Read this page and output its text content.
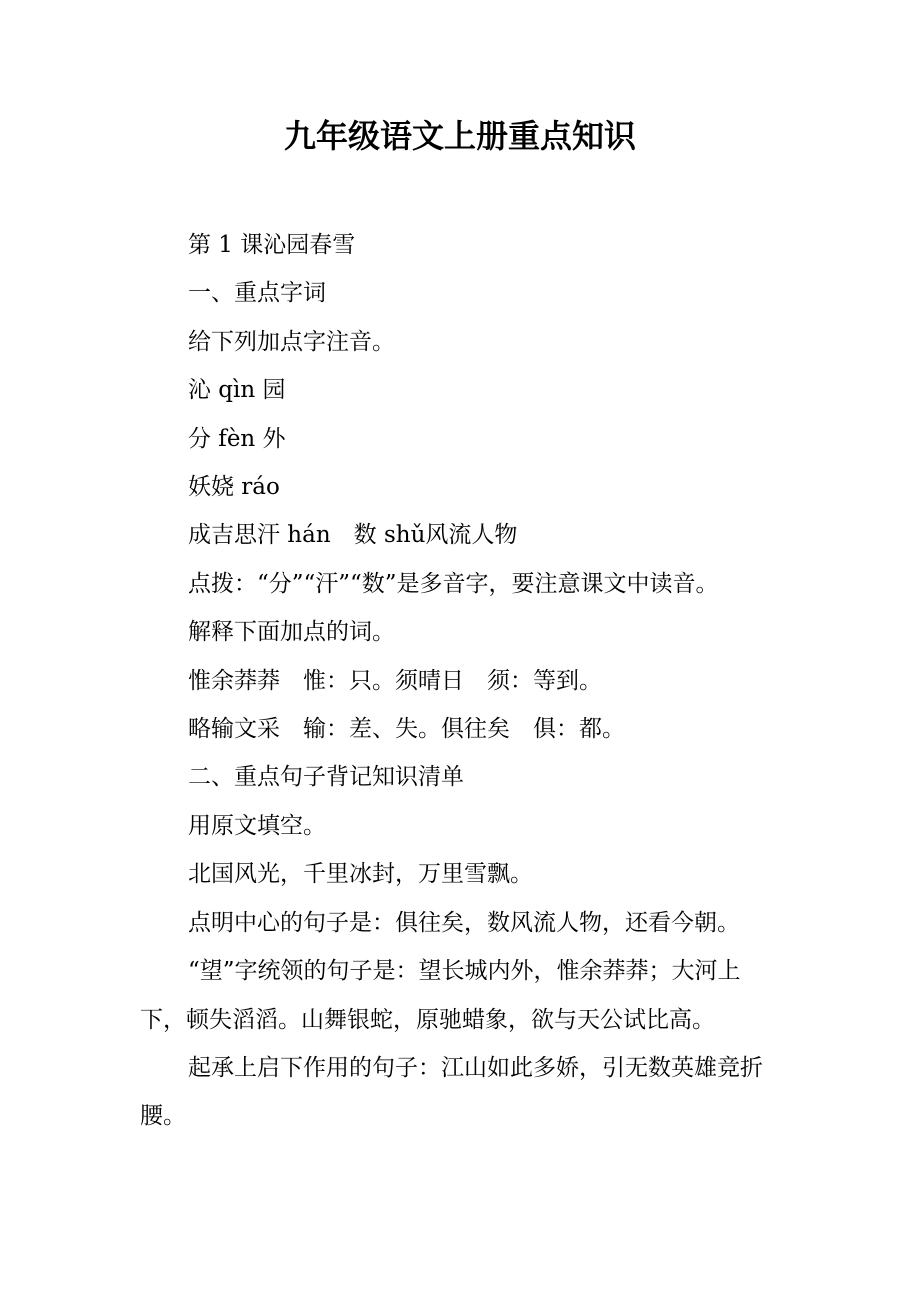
九年级语文上册重点知识

第 1 课沁园春雪

一、重点字词

给下列加点字注音。

沁 qìn 园

分 fèn 外

妖娆 ráo

成吉思汗 hán　数 shǔ风流人物

点拨：“分”“汗”“数”是多音字，要注意课文中读音。

解释下面加点的词。

惟余莽莽　惟：只。须晴日　须：等到。

略输文采　输：差、失。俱往矣　俱：都。

二、重点句子背记知识清单

用原文填空。

北国风光，千里冰封，万里雪飘。

点明中心的句子是：俱往矣，数风流人物，还看今朝。

“望”字统领的句子是：望长城内外，惟余莽莽；大河上下，顿失滔滔。山舞银蛇，原驰蜡象，欲与天公试比高。

起承上启下作用的句子：江山如此多娇，引无数英雄竞折腰。
